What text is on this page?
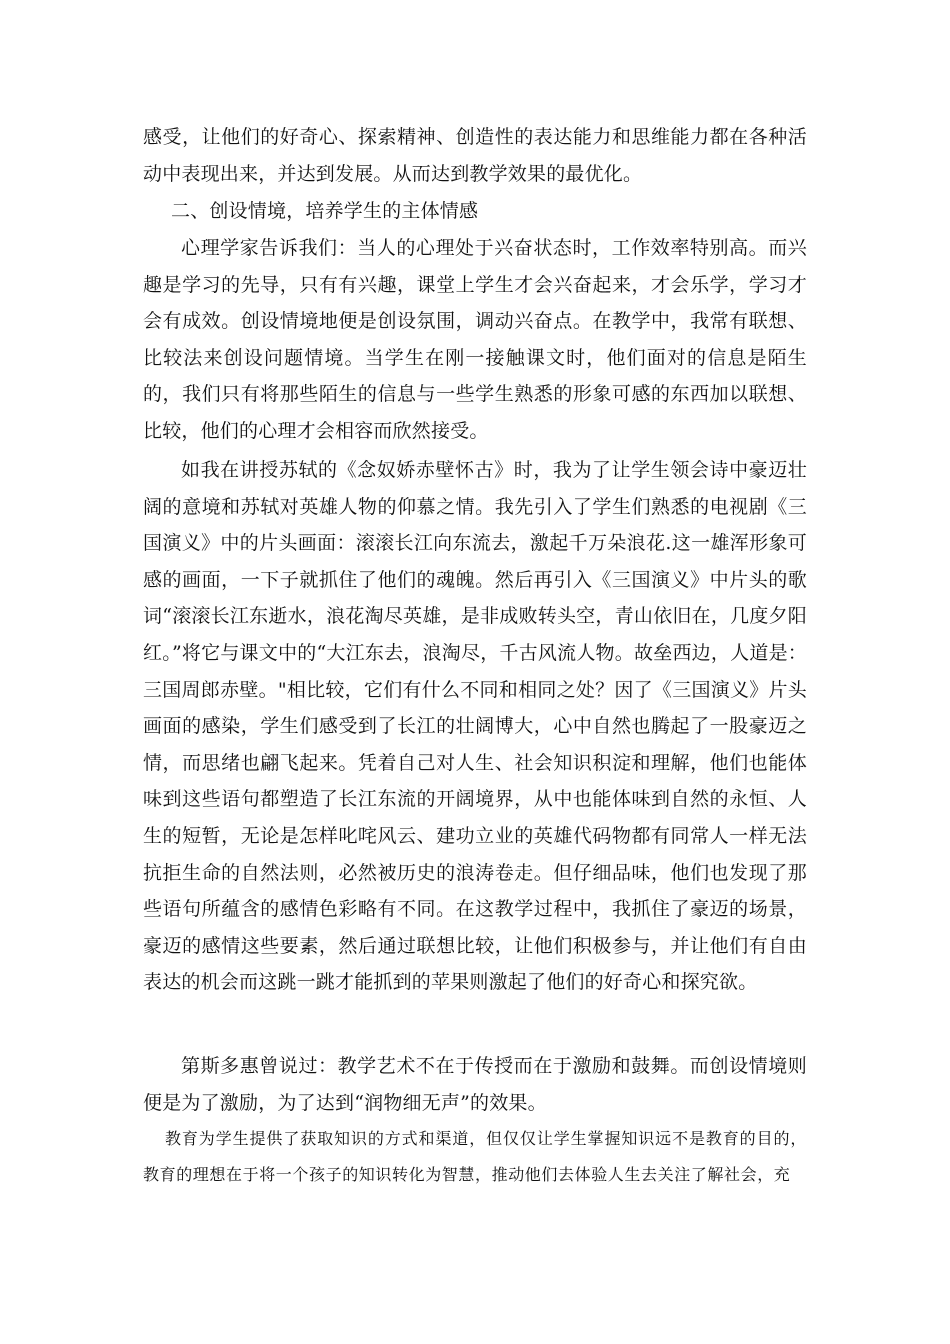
感受，让他们的好奇心、探索精神、创造性的表达能力和思维能力都在各种活动中表现出来，并达到发展。从而达到教学效果的最优化。

二、创设情境，培养学生的主体情感

心理学家告诉我们：当人的心理处于兴奋状态时，工作效率特别高。而兴趣是学习的先导，只有有兴趣，课堂上学生才会兴奋起来，才会乐学，学习才会有成效。创设情境地便是创设氛围，调动兴奋点。在教学中，我常有联想、比较法来创设问题情境。当学生在刚一接触课文时，他们面对的信息是陌生的，我们只有将那些陌生的信息与一些学生熟悉的形象可感的东西加以联想、比较，他们的心理才会相容而欣然接受。

如我在讲授苏轼的《念奴娇赤壁怀古》时，我为了让学生领会诗中豪迈壮阔的意境和苏轼对英雄人物的仰慕之情。我先引入了学生们熟悉的电视剧《三国演义》中的片头画面：滚滚长江向东流去，激起千万朵浪花.这一雄浑形象可感的画面，一下子就抓住了他们的魂魄。然后再引入《三国演义》中片头的歌词“滚滚长江东逝水，浪花淘尽英雄，是非成败转头空，青山依旧在，几度夕阳红。”将它与课文中的“大江东去，浪淘尽，千古风流人物。故垒西边，人道是：三国周郎赤壁。"相比较，它们有什么不同和相同之处？因了《三国演义》片头画面的感染，学生们感受到了长江的壮阔博大，心中自然也腾起了一股豪迈之情，而思绪也翩飞起来。凭着自己对人生、社会知识积淀和理解，他们也能体味到这些语句都塑造了长江东流的开阔境界，从中也能体味到自然的永恒、人生的短暂，无论是怎样叱咤风云、建功立业的英雄代码物都有同常人一样无法抗拒生命的自然法则，必然被历史的浪涛卷走。但仔细品味，他们也发现了那些语句所蕴含的感情色彩略有不同。在这教学过程中，我抓住了豪迈的场景，豪迈的感情这些要素，然后通过联想比较，让他们积极参与，并让他们有自由表达的机会而这跳一跳才能抓到的苹果则激起了他们的好奇心和探究欲。

第斯多惠曾说过：教学艺术不在于传授而在于激励和鼓舞。而创设情境则便是为了激励，为了达到“润物细无声”的效果。

教育为学生提供了获取知识的方式和渠道，但仅仅让学生掌握知识远不是教育的目的，教育的理想在于将一个孩子的知识转化为智慧，推动他们去体验人生去关注了解社会，充
